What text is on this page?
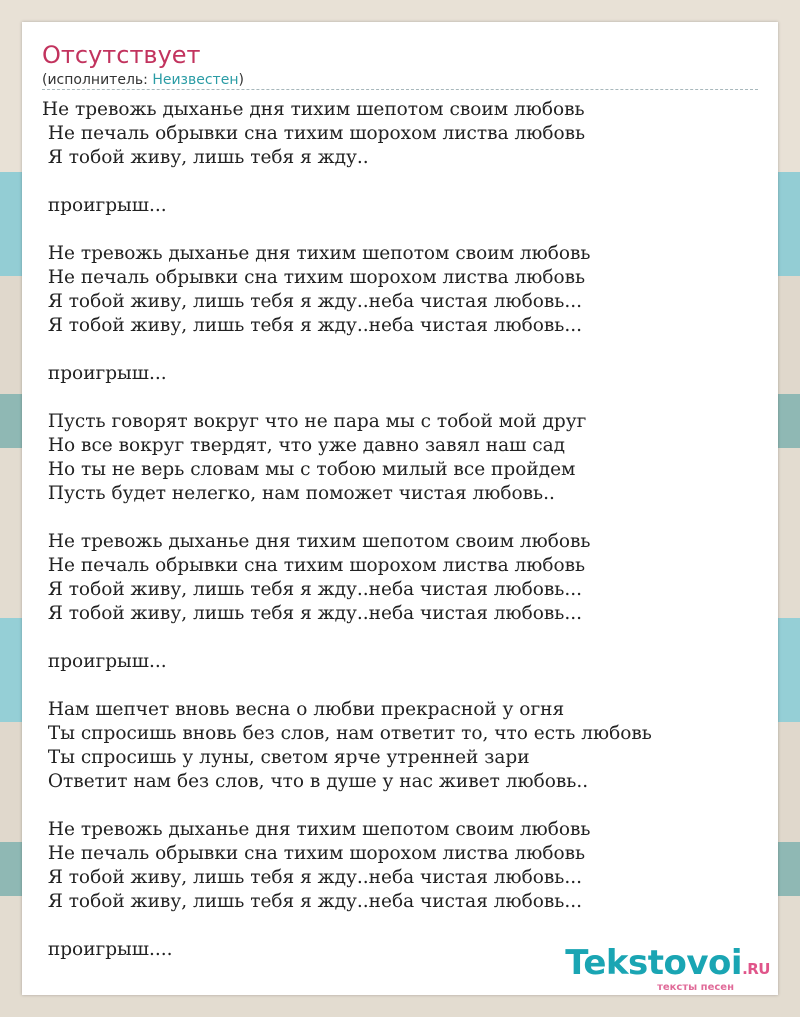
Отсутствует
(исполнитель: Неизвестен)
Не тревожь дыханье дня тихим шепотом своим любовь
Не печаль обрывки сна тихим шорохом листва любовь
Я тобой живу, лишь тебя я жду..
проигрыш...
Не тревожь дыханье дня тихим шепотом своим любовь
Не печаль обрывки сна тихим шорохом листва любовь
Я тобой живу, лишь тебя я жду..неба чистая любовь...
Я тобой живу, лишь тебя я жду..неба чистая любовь...
проигрыш...
Пусть говорят вокруг что не пара мы с тобой мой друг
Но все вокруг твердят, что уже давно завял наш сад
Но ты не верь словам мы с тобою милый все пройдем
Пусть будет нелегко, нам поможет чистая любовь..
Не тревожь дыханье дня тихим шепотом своим любовь
Не печаль обрывки сна тихим шорохом листва любовь
Я тобой живу, лишь тебя я жду..неба чистая любовь...
Я тобой живу, лишь тебя я жду..неба чистая любовь...
проигрыш...
Нам шепчет вновь весна о любви прекрасной у огня
Ты спросишь вновь без слов, нам ответит то, что есть любовь
Ты спросишь у луны, светом ярче утренней зари
Ответит нам без слов, что в душе у нас живет любовь..
Не тревожь дыханье дня тихим шепотом своим любовь
Не печаль обрывки сна тихим шорохом листва любовь
Я тобой живу, лишь тебя я жду..неба чистая любовь...
Я тобой живу, лишь тебя я жду..неба чистая любовь...
проигрыш....	Tekstovoi.RU
тексты песен
